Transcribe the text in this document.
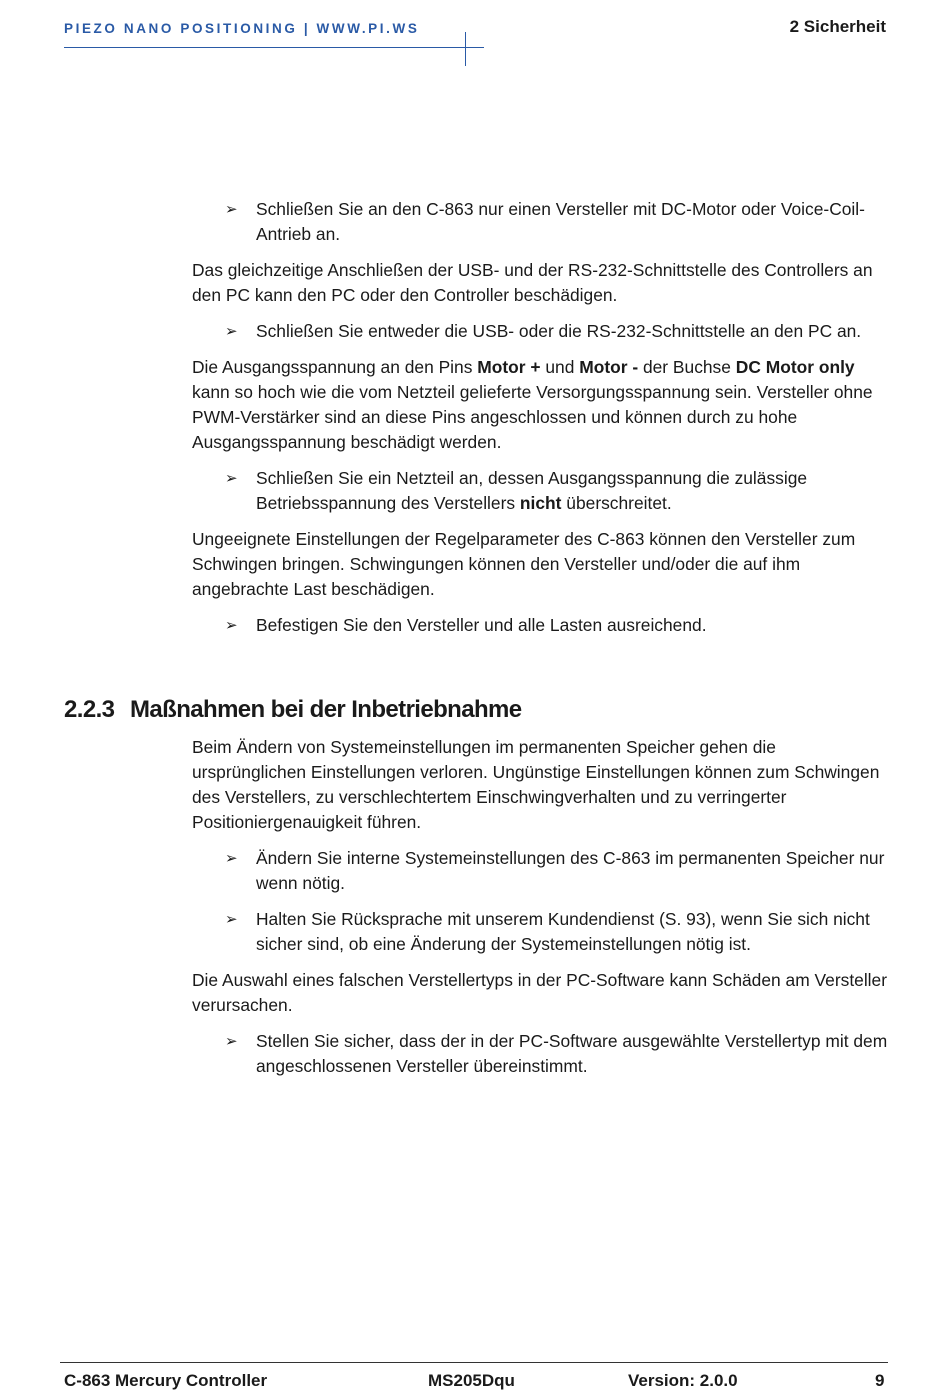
PIEZO NANO POSITIONING | WWW.PI.WS	2 Sicherheit
➢ Schließen Sie an den C-863 nur einen Versteller mit DC-Motor oder Voice-Coil-Antrieb an.

Das gleichzeitige Anschließen der USB- und der RS-232-Schnittstelle des Controllers an den PC kann den PC oder den Controller beschädigen.

➢ Schließen Sie entweder die USB- oder die RS-232-Schnittstelle an den PC an.

Die Ausgangsspannung an den Pins Motor + und Motor - der Buchse DC Motor only kann so hoch wie die vom Netzteil gelieferte Versorgungsspannung sein. Versteller ohne PWM-Verstärker sind an diese Pins angeschlossen und können durch zu hohe Ausgangsspannung beschädigt werden.

➢ Schließen Sie ein Netzteil an, dessen Ausgangsspannung die zulässige Betriebsspannung des Verstellers nicht überschreitet.

Ungeeignete Einstellungen der Regelparameter des C-863 können den Versteller zum Schwingen bringen. Schwingungen können den Versteller und/oder die auf ihm angebrachte Last beschädigen.

➢ Befestigen Sie den Versteller und alle Lasten ausreichend.
2.2.3 Maßnahmen bei der Inbetriebnahme

Beim Ändern von Systemeinstellungen im permanenten Speicher gehen die ursprünglichen Einstellungen verloren. Ungünstige Einstellungen können zum Schwingen des Verstellers, zu verschlechtertem Einschwingverhalten und zu verringerter Positioniergenauigkeit führen.

➢ Ändern Sie interne Systemeinstellungen des C-863 im permanenten Speicher nur wenn nötig.
➢ Halten Sie Rücksprache mit unserem Kundendienst (S. 93), wenn Sie sich nicht sicher sind, ob eine Änderung der Systemeinstellungen nötig ist.

Die Auswahl eines falschen Verstellertyps in der PC-Software kann Schäden am Versteller verursachen.

➢ Stellen Sie sicher, dass der in der PC-Software ausgewählte Verstellertyp mit dem angeschlossenen Versteller übereinstimmt.
C-863 Mercury Controller	MS205Dqu	Version: 2.0.0	9
